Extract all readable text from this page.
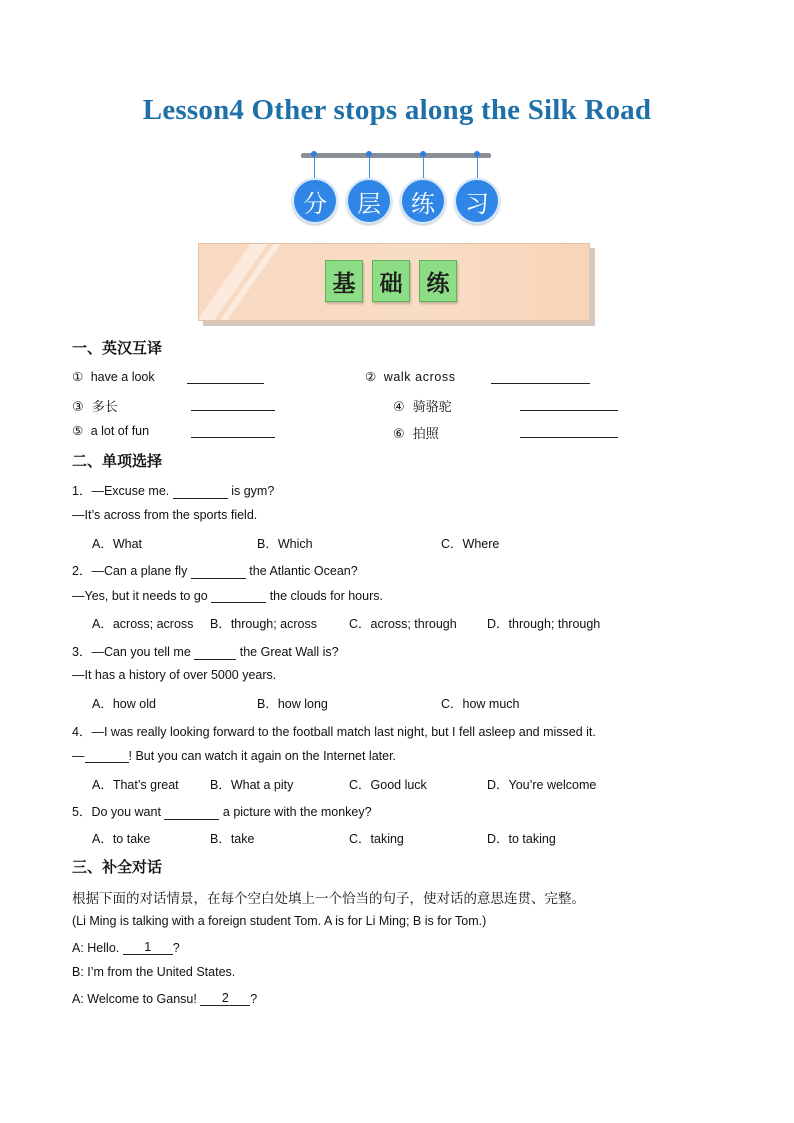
Lesson4 Other stops along the Silk Road
分	层	练	习
基	础	练
一、英汉互译
① have a look	② walk across
③ 多长	④ 骑骆驼
⑤ a lot of fun	⑥ 拍照
二、单项选择
1．—Excuse me.	is gym?
—It’s across from the sports field.
A．What	B．Which	C．Where
2．—Can a plane fly	the Atlantic Ocean?
—Yes, but it needs to go	the clouds for hours.
A．across; across B．through; across	C．across; through D．through; through
3．—Can you tell me	the Great Wall is?
—It has a history of over 5000 years.
A．how old	B．how long	C．how much
4．—I was really looking forward to the football match last night, but I fell asleep and missed it.
—	! But you can watch it again on the Internet later.
A．That’s great	B．What a pity	C．Good luck	D．You’re welcome
5．Do you want	a picture with the monkey?
A．to take	B．take	C．taking	D．to taking
三、补全对话
根据下面的对话情景，在每个空白处填上一个恰当的句子，使对话的意思连贯、完整。
(Li Ming is talking with a foreign student Tom. A is for Li Ming; B is for Tom.)
A: Hello. 1 ?
B: I’m from the United States.
A: Welcome to Gansu! 2 ?
